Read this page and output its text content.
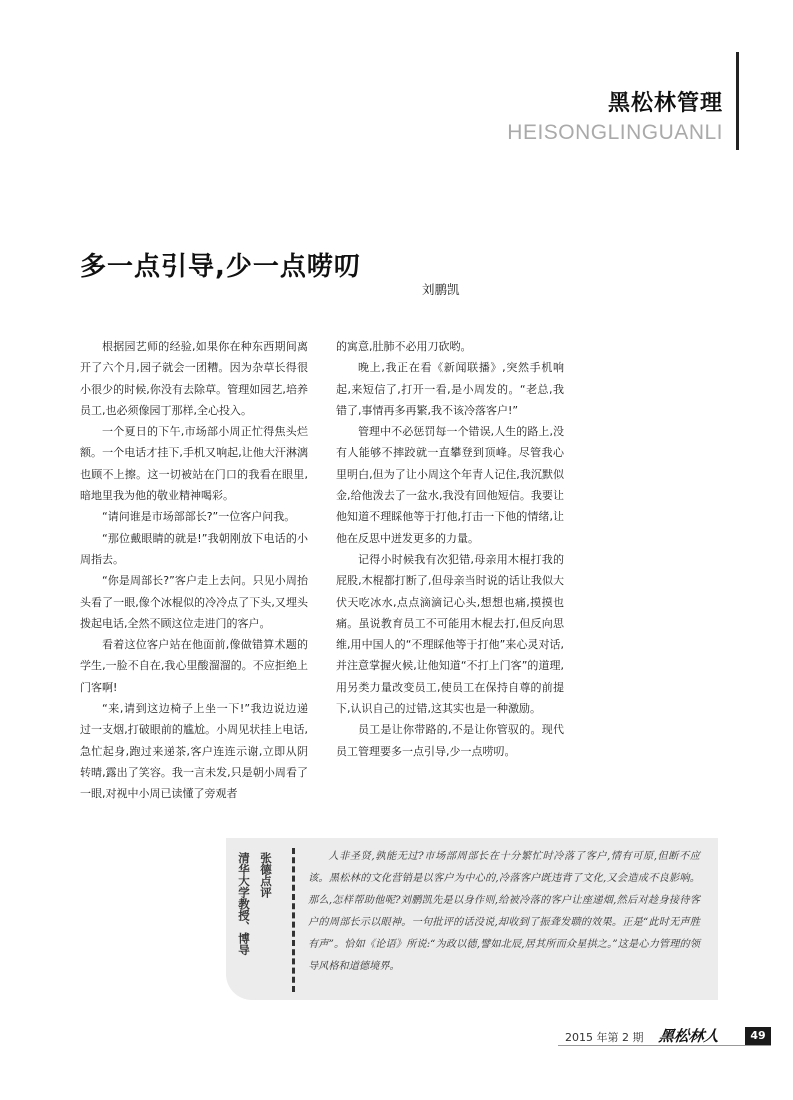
黑松林管理
HEISONGLINGUANLI
多一点引导,少一点唠叨
刘鹏凯

根据园艺师的经验,如果你在种东西期间离开了六个月,园子就会一团糟。因为杂草长得很小很少的时候,你没有去除草。管理如园艺,培养员工,也必须像园丁那样,全心投入。

一个夏日的下午,市场部小周正忙得焦头烂额。一个电话才挂下,手机又响起,让他大汗淋漓也顾不上擦。这一切被站在门口的我看在眼里,暗地里我为他的敬业精神喝彩。

“请问谁是市场部部长?”一位客户问我。

“那位戴眼睛的就是!”我朝刚放下电话的小周指去。

“你是周部长?”客户走上去问。只见小周抬头看了一眼,像个冰棍似的冷冷点了下头,又埋头拨起电话,全然不顾这位走进门的客户。

看着这位客户站在他面前,像做错算术题的学生,一脸不自在,我心里酸溜溜的。不应拒绝上门客啊!

“来,请到这边椅子上坐一下!”我边说边递过一支烟,打破眼前的尴尬。小周见状挂上电话,急忙起身,跑过来递茶,客户连连示谢,立即从阴转晴,露出了笑容。我一言未发,只是朝小周看了一眼,对视中小周已读懂了旁观者

的寓意,肚肺不必用刀砍哟。

晚上,我正在看《新闻联播》,突然手机响起,来短信了,打开一看,是小周发的。“老总,我错了,事情再多再繁,我不该冷落客户!”

管理中不必惩罚每一个错误,人生的路上,没有人能够不摔跤就一直攀登到顶峰。尽管我心里明白,但为了让小周这个年青人记住,我沉默似金,给他泼去了一盆水,我没有回他短信。我要让他知道不理睬他等于打他,打击一下他的情绪,让他在反思中迸发更多的力量。

记得小时候我有次犯错,母亲用木棍打我的屁股,木棍都打断了,但母亲当时说的话让我似大伏天吃冰水,点点滴滴记心头,想想也痛,摸摸也痛。虽说教育员工不可能用木棍去打,但反向思维,用中国人的“不理睬他等于打他”来心灵对话,并注意掌握火候,让他知道“不打上门客”的道理,用另类力量改变员工,使员工在保持自尊的前提下,认识自己的过错,这其实也是一种激励。

员工是让你带路的,不是让你管驭的。现代员工管理要多一点引导,少一点唠叨。

清华大学教授、博导 张德点评	人非圣贤,孰能无过?市场部周部长在十分繁忙时冷落了客户,情有可原,但断不应该。黑松林的文化营销是以客户为中心的,冷落客户既违背了文化,又会造成不良影响。那么,怎样帮助他呢?刘鹏凯先是以身作则,给被冷落的客户让座递烟,然后对趁身接待客户的周部长示以眼神。一句批评的话没说,却收到了振聋发聩的效果。正是“此时无声胜有声”。恰如《论语》所说:“为政以德,譬如北辰,居其所而众星拱之。”这是心力管理的领导风格和道德境界。

2015 年第 2 期 黑松林人	49
